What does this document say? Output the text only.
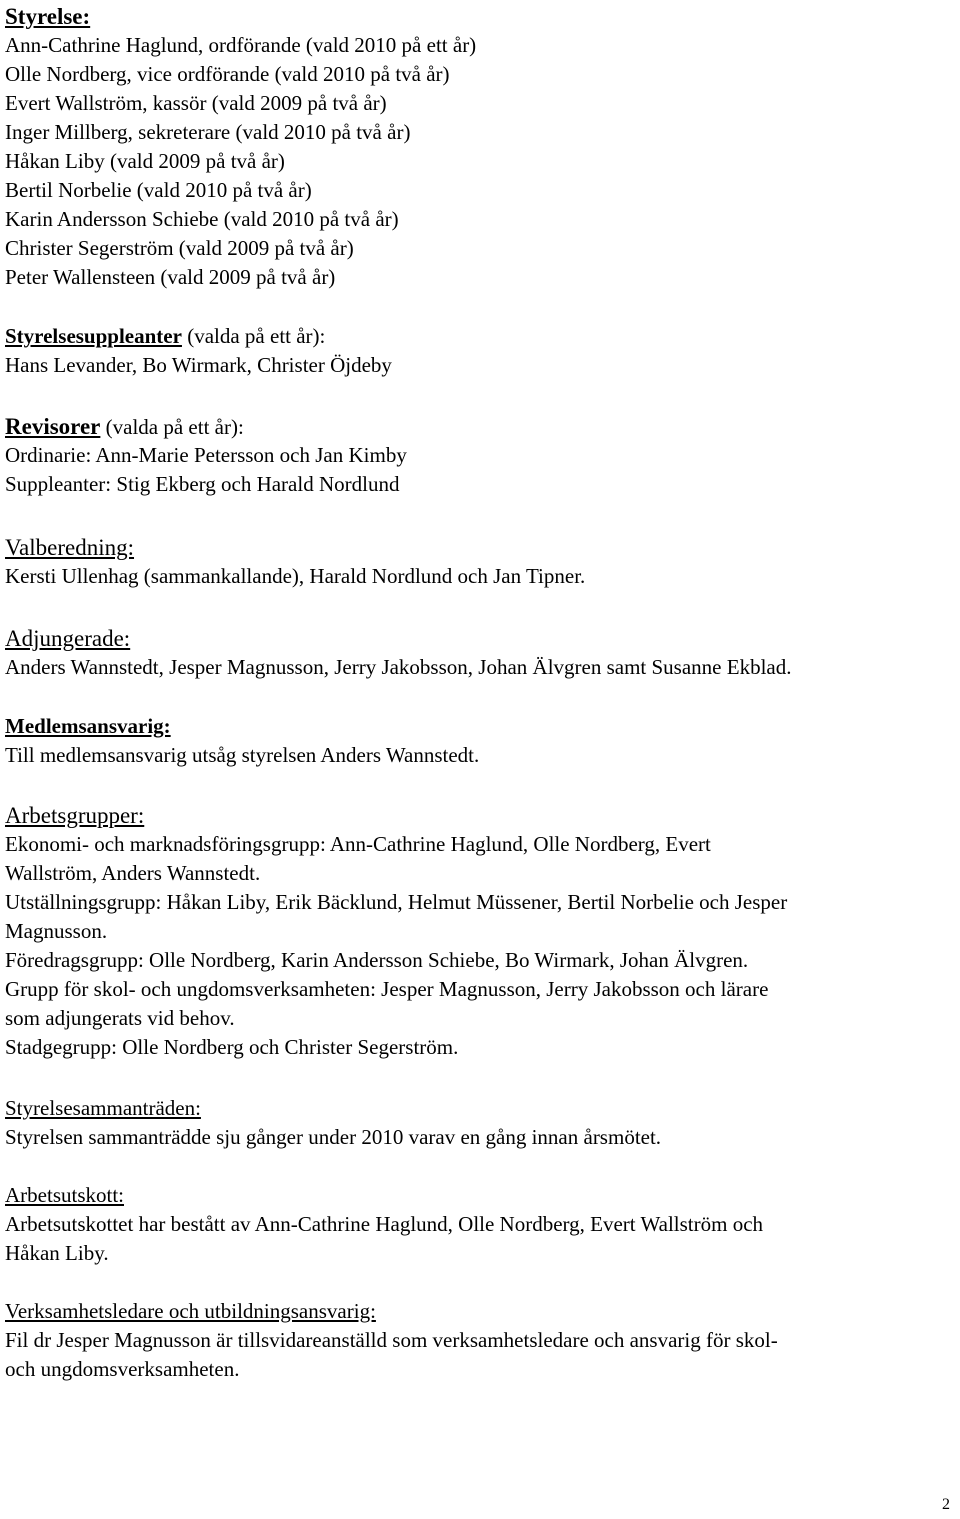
Styrelse:
Ann-Cathrine Haglund, ordförande (vald 2010 på ett år)
Olle Nordberg, vice ordförande (vald 2010 på två år)
Evert Wallström, kassör (vald 2009 på två år)
Inger Millberg, sekreterare (vald 2010 på två år)
Håkan Liby (vald 2009 på två år)
Bertil Norbelie (vald 2010 på två år)
Karin Andersson Schiebe (vald 2010 på två år)
Christer Segerström (vald 2009 på två år)
Peter Wallensteen (vald 2009 på två år)
Styrelsesuppleanter (valda på ett år):
Hans Levander, Bo Wirmark, Christer Öjdeby
Revisorer (valda på ett år):
Ordinarie: Ann-Marie Petersson och Jan Kimby
Suppleanter: Stig Ekberg och Harald Nordlund
Valberedning:
Kersti Ullenhag (sammankallande), Harald Nordlund och Jan Tipner.
Adjungerade:
Anders Wannstedt, Jesper Magnusson, Jerry Jakobsson, Johan Älvgren samt Susanne Ekblad.
Medlemsansvarig:
Till medlemsansvarig utsåg styrelsen Anders Wannstedt.
Arbetsgrupper:
Ekonomi- och marknadsföringsgrupp: Ann-Cathrine Haglund, Olle Nordberg, Evert
Wallström, Anders Wannstedt.
Utställningsgrupp: Håkan Liby, Erik Bäcklund, Helmut Müssener, Bertil Norbelie och Jesper
Magnusson.
Föredragsgrupp: Olle Nordberg, Karin Andersson Schiebe, Bo Wirmark, Johan Älvgren.
Grupp för skol- och ungdomsverksamheten: Jesper Magnusson, Jerry Jakobsson och lärare
som adjungerats vid behov.
Stadgegrupp: Olle Nordberg och Christer Segerström.
Styrelsesammanträden:
Styrelsen sammanträdde sju gånger under 2010 varav en gång innan årsmötet.
Arbetsutskott:
Arbetsutskottet har bestått av Ann-Cathrine Haglund, Olle Nordberg, Evert Wallström och
Håkan Liby.
Verksamhetsledare och utbildningsansvarig:
Fil dr Jesper Magnusson är tillsvidareanställd som verksamhetsledare och ansvarig för skol-
och ungdomsverksamheten.
2
